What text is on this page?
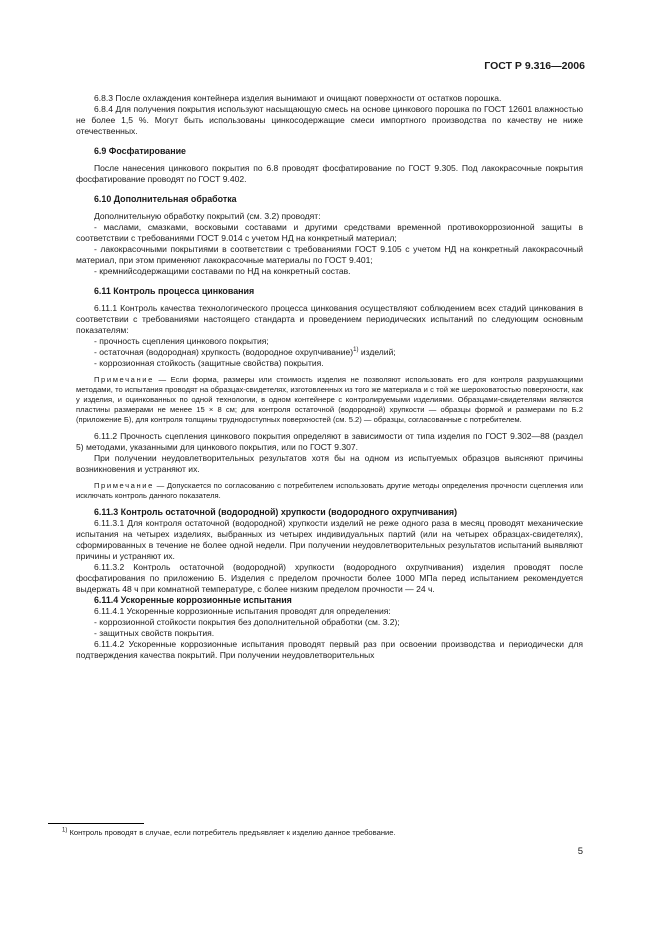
ГОСТ Р 9.316—2006

6.8.3 После охлаждения контейнера изделия вынимают и очищают поверхности от остатков порошка.

6.8.4 Для получения покрытия используют насыщающую смесь на основе цинкового порошка по ГОСТ 12601 влажностью не более 1,5 %. Могут быть использованы цинкосодержащие смеси импортного производства по качеству не ниже отечественных.

6.9 Фосфатирование

После нанесения цинкового покрытия по 6.8 проводят фосфатирование по ГОСТ 9.305. Под лакокрасочные покрытия фосфатирование проводят по ГОСТ 9.402.

6.10 Дополнительная обработка

Дополнительную обработку покрытий (см. 3.2) проводят:

- маслами, смазками, восковыми составами и другими средствами временной противокоррозионной защиты в соответствии с требованиями ГОСТ 9.014 с учетом НД на конкретный материал;

- лакокрасочными покрытиями в соответствии с требованиями ГОСТ 9.105 с учетом НД на конкретный лакокрасочный материал, при этом применяют лакокрасочные материалы по ГОСТ 9.401;

- кремнийсодержащими составами по НД на конкретный состав.

6.11 Контроль процесса цинкования

6.11.1 Контроль качества технологического процесса цинкования осуществляют соблюдением всех стадий цинкования в соответствии с требованиями настоящего стандарта и проведением периодических испытаний по следующим основным показателям:

- прочность сцепления цинкового покрытия;

- остаточная (водородная) хрупкость (водородное охрупчивание)$^{1)}$ изделий;

- коррозионная стойкость (защитные свойства) покрытия.

Примечание — Если форма, размеры или стоимость изделия не позволяют использовать его для контроля разрушающими методами, то испытания проводят на образцах-свидетелях, изготовленных из того же материала и с той же шероховатостью поверхности, как у изделия, и оцинкованных по одной технологии, в одном контейнере с контролируемыми изделиями. Образцами-свидетелями являются пластины размерами не менее 15 × 8 см; для контроля остаточной (водородной) хрупкости — образцы формой и размерами по Б.2 (приложение Б), для контроля толщины труднодоступных поверхностей (см. 5.2) — образцы, согласованные с потребителем.

6.11.2 Прочность сцепления цинкового покрытия определяют в зависимости от типа изделия по ГОСТ 9.302—88 (раздел 5) методами, указанными для цинкового покрытия, или по ГОСТ 9.307.

При получении неудовлетворительных результатов хотя бы на одном из испытуемых образцов выясняют причины возникновения и устраняют их.

Примечание — Допускается по согласованию с потребителем использовать другие методы определения прочности сцепления или исключать контроль данного показателя.

6.11.3 Контроль остаточной (водородной) хрупкости (водородного охрупчивания)

6.11.3.1 Для контроля остаточной (водородной) хрупкости изделий не реже одного раза в месяц проводят механические испытания на четырех изделиях, выбранных из четырех индивидуальных партий (или на четырех образцах-свидетелях), сформированных в течение не более одной недели. При получении неудовлетворительных результатов испытаний выявляют причины и устраняют их.

6.11.3.2 Контроль остаточной (водородной) хрупкости (водородного охрупчивания) изделия проводят после фосфатирования по приложению Б. Изделия с пределом прочности более 1000 МПа перед испытанием рекомендуется выдержать 48 ч при комнатной температуре, с более низким пределом прочности — 24 ч.

6.11.4 Ускоренные коррозионные испытания

6.11.4.1 Ускоренные коррозионные испытания проводят для определения:

- коррозионной стойкости покрытия без дополнительной обработки (см. 3.2);

- защитных свойств покрытия.

6.11.4.2 Ускоренные коррозионные испытания проводят первый раз при освоении производства и периодически для подтверждения качества покрытий. При получении неудовлетворительных

$^{1)}$ Контроль проводят в случае, если потребитель предъявляет к изделию данное требование.
5
